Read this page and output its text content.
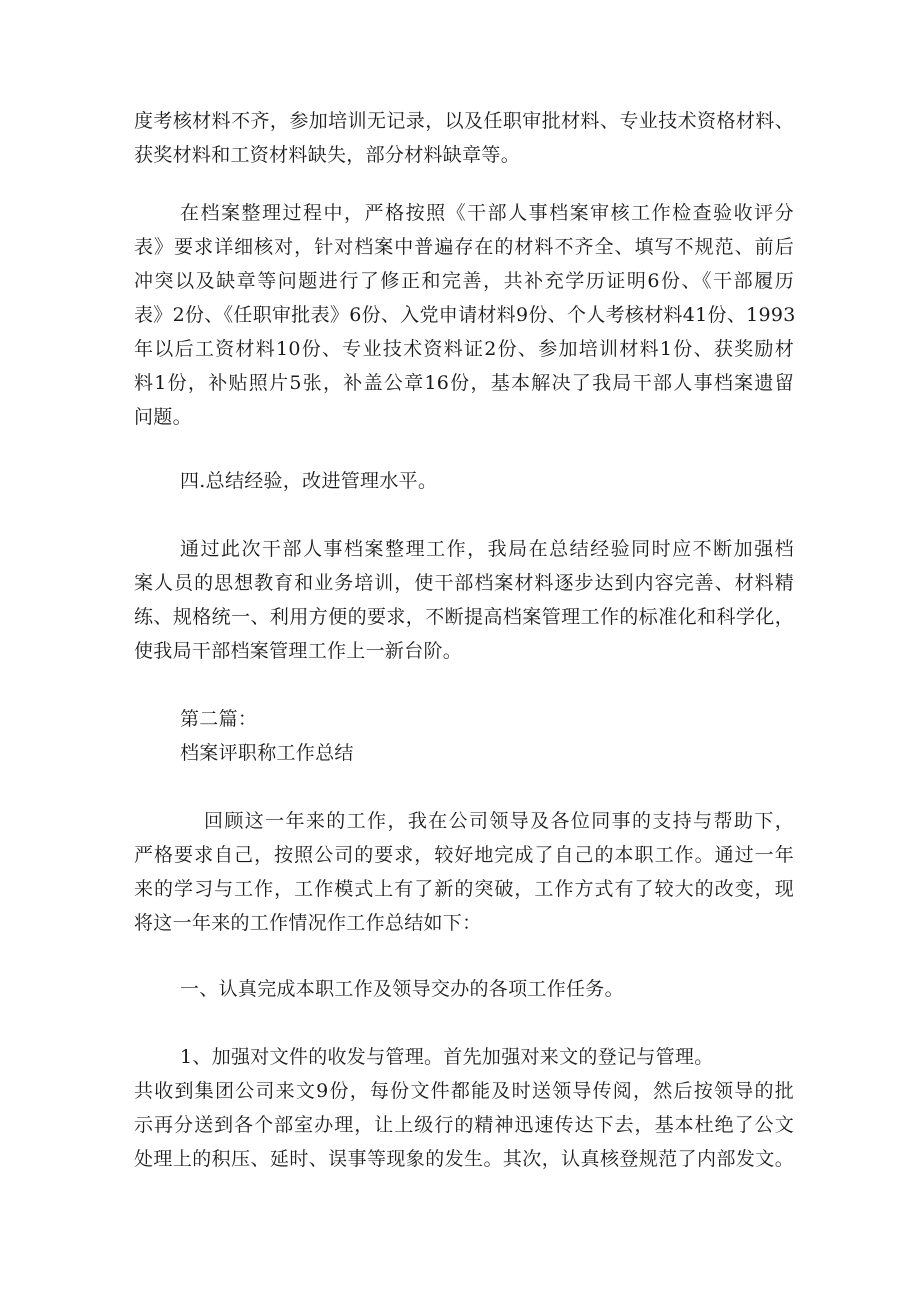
度考核材料不齐，参加培训无记录，以及任职审批材料、专业技术资格材料、
获奖材料和工资材料缺失，部分材料缺章等。
在档案整理过程中，严格按照《干部人事档案审核工作检查验收评分
表》要求详细核对，针对档案中普遍存在的材料不齐全、填写不规范、前后
冲突以及缺章等问题进行了修正和完善，共补充学历证明6份、《干部履历
表》2份、《任职审批表》6份、入党申请材料9份、个人考核材料41份、1993
年以后工资材料10份、专业技术资料证2份、参加培训材料1份、获奖励材
料1份，补贴照片5张，补盖公章16份，基本解决了我局干部人事档案遗留
问题。
四.总结经验，改进管理水平。
通过此次干部人事档案整理工作，我局在总结经验同时应不断加强档
案人员的思想教育和业务培训，使干部档案材料逐步达到内容完善、材料精
练、规格统一、利用方便的要求，不断提高档案管理工作的标准化和科学化，
使我局干部档案管理工作上一新台阶。
第二篇：
档案评职称工作总结
回顾这一年来的工作，我在公司领导及各位同事的支持与帮助下，
严格要求自己，按照公司的要求，较好地完成了自己的本职工作。通过一年
来的学习与工作，工作模式上有了新的突破，工作方式有了较大的改变，现
将这一年来的工作情况作工作总结如下：
一、认真完成本职工作及领导交办的各项工作任务。
1、加强对文件的收发与管理。首先加强对来文的登记与管理。
共收到集团公司来文9份，每份文件都能及时送领导传阅，然后按领导的批
示再分送到各个部室办理，让上级行的精神迅速传达下去，基本杜绝了公文
处理上的积压、延时、误事等现象的发生。其次，认真核登规范了内部发文。
